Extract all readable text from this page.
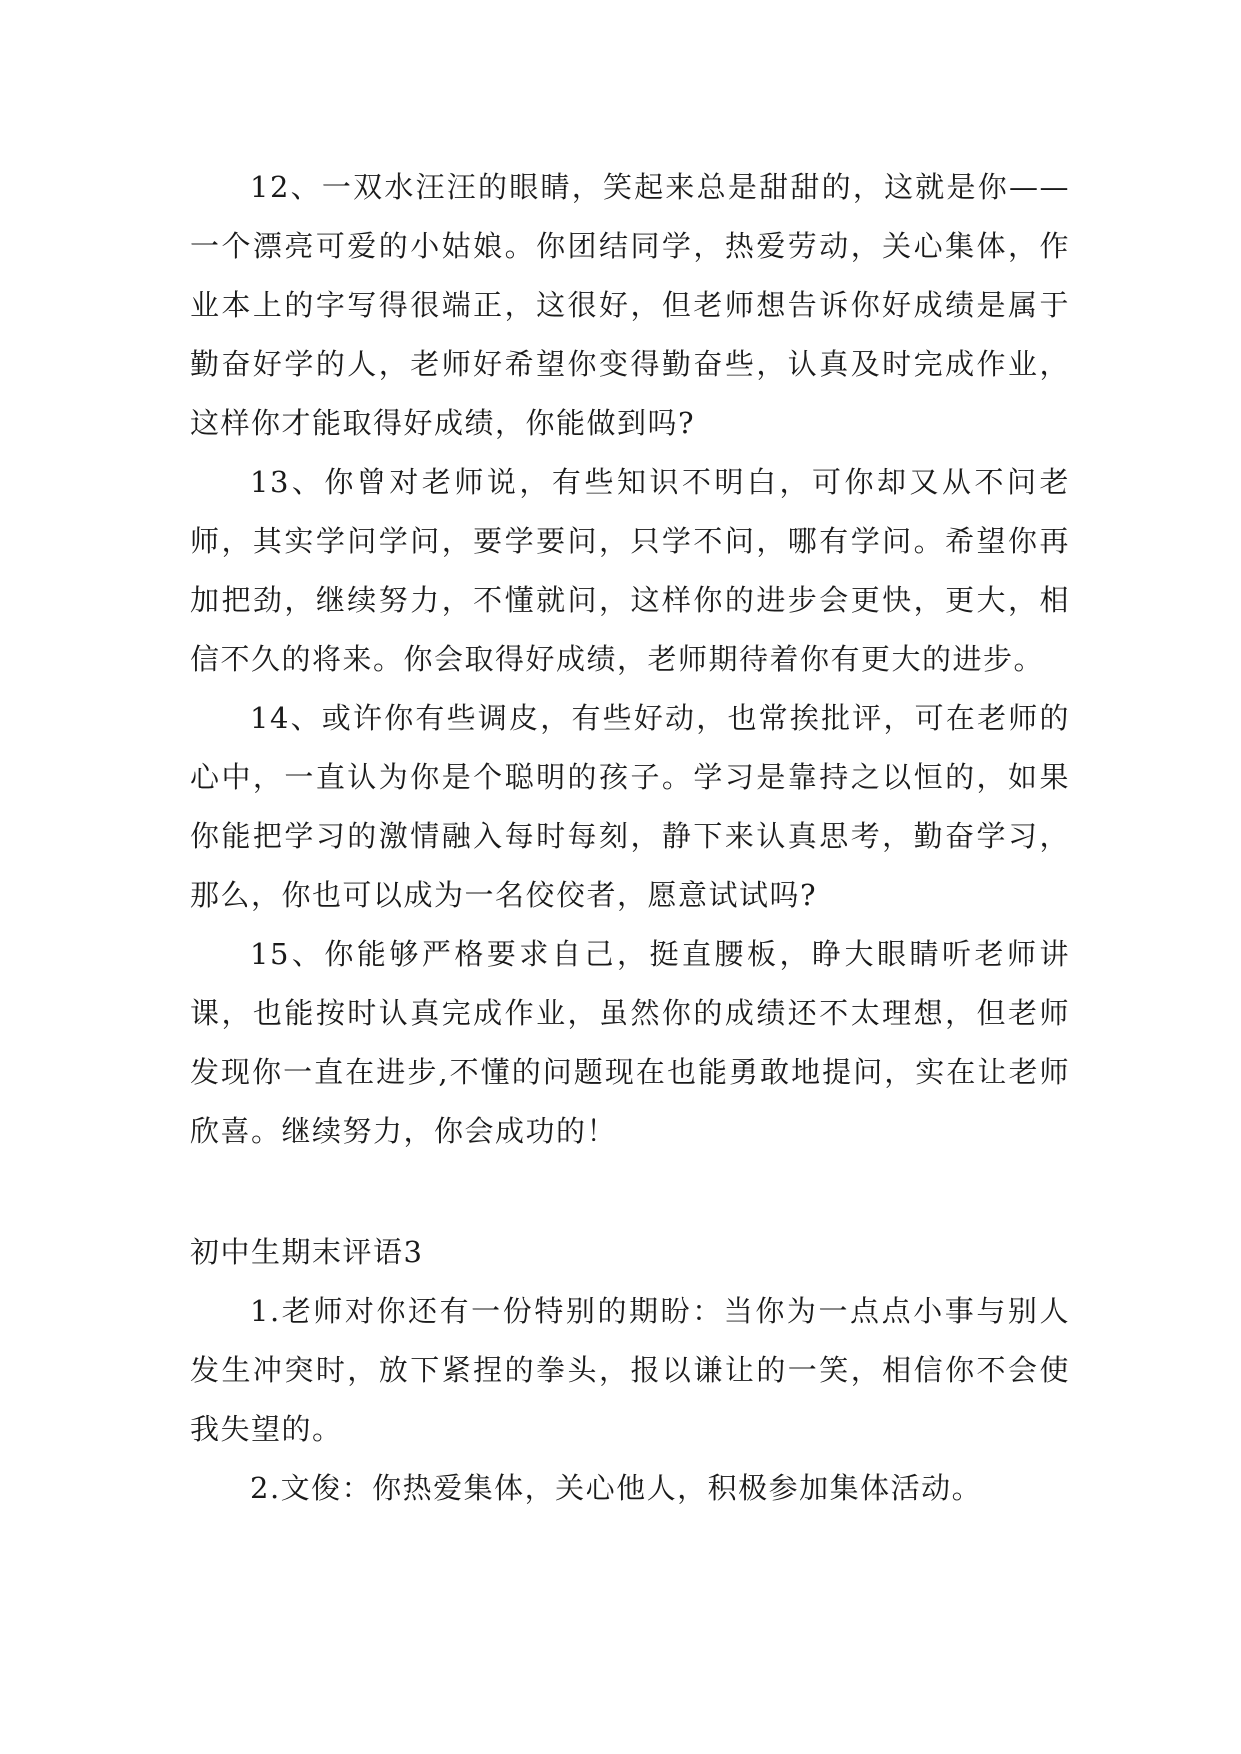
12、一双水汪汪的眼睛，笑起来总是甜甜的，这就是你——一个漂亮可爱的小姑娘。你团结同学，热爱劳动，关心集体，作业本上的字写得很端正，这很好，但老师想告诉你好成绩是属于勤奋好学的人，老师好希望你变得勤奋些，认真及时完成作业，这样你才能取得好成绩，你能做到吗?

13、你曾对老师说，有些知识不明白，可你却又从不问老师，其实学问学问，要学要问，只学不问，哪有学问。希望你再加把劲，继续努力，不懂就问，这样你的进步会更快，更大，相信不久的将来。你会取得好成绩，老师期待着你有更大的进步。

14、或许你有些调皮，有些好动，也常挨批评，可在老师的心中，一直认为你是个聪明的孩子。学习是靠持之以恒的，如果你能把学习的激情融入每时每刻，静下来认真思考，勤奋学习，那么，你也可以成为一名佼佼者，愿意试试吗?

15、你能够严格要求自己，挺直腰板，睁大眼睛听老师讲课，也能按时认真完成作业，虽然你的成绩还不太理想，但老师发现你一直在进步,不懂的问题现在也能勇敢地提问，实在让老师欣喜。继续努力，你会成功的！

初中生期末评语3

1.老师对你还有一份特别的期盼：当你为一点点小事与别人发生冲突时，放下紧捏的拳头，报以谦让的一笑，相信你不会使我失望的。

2.文俊：你热爱集体，关心他人，积极参加集体活动。
